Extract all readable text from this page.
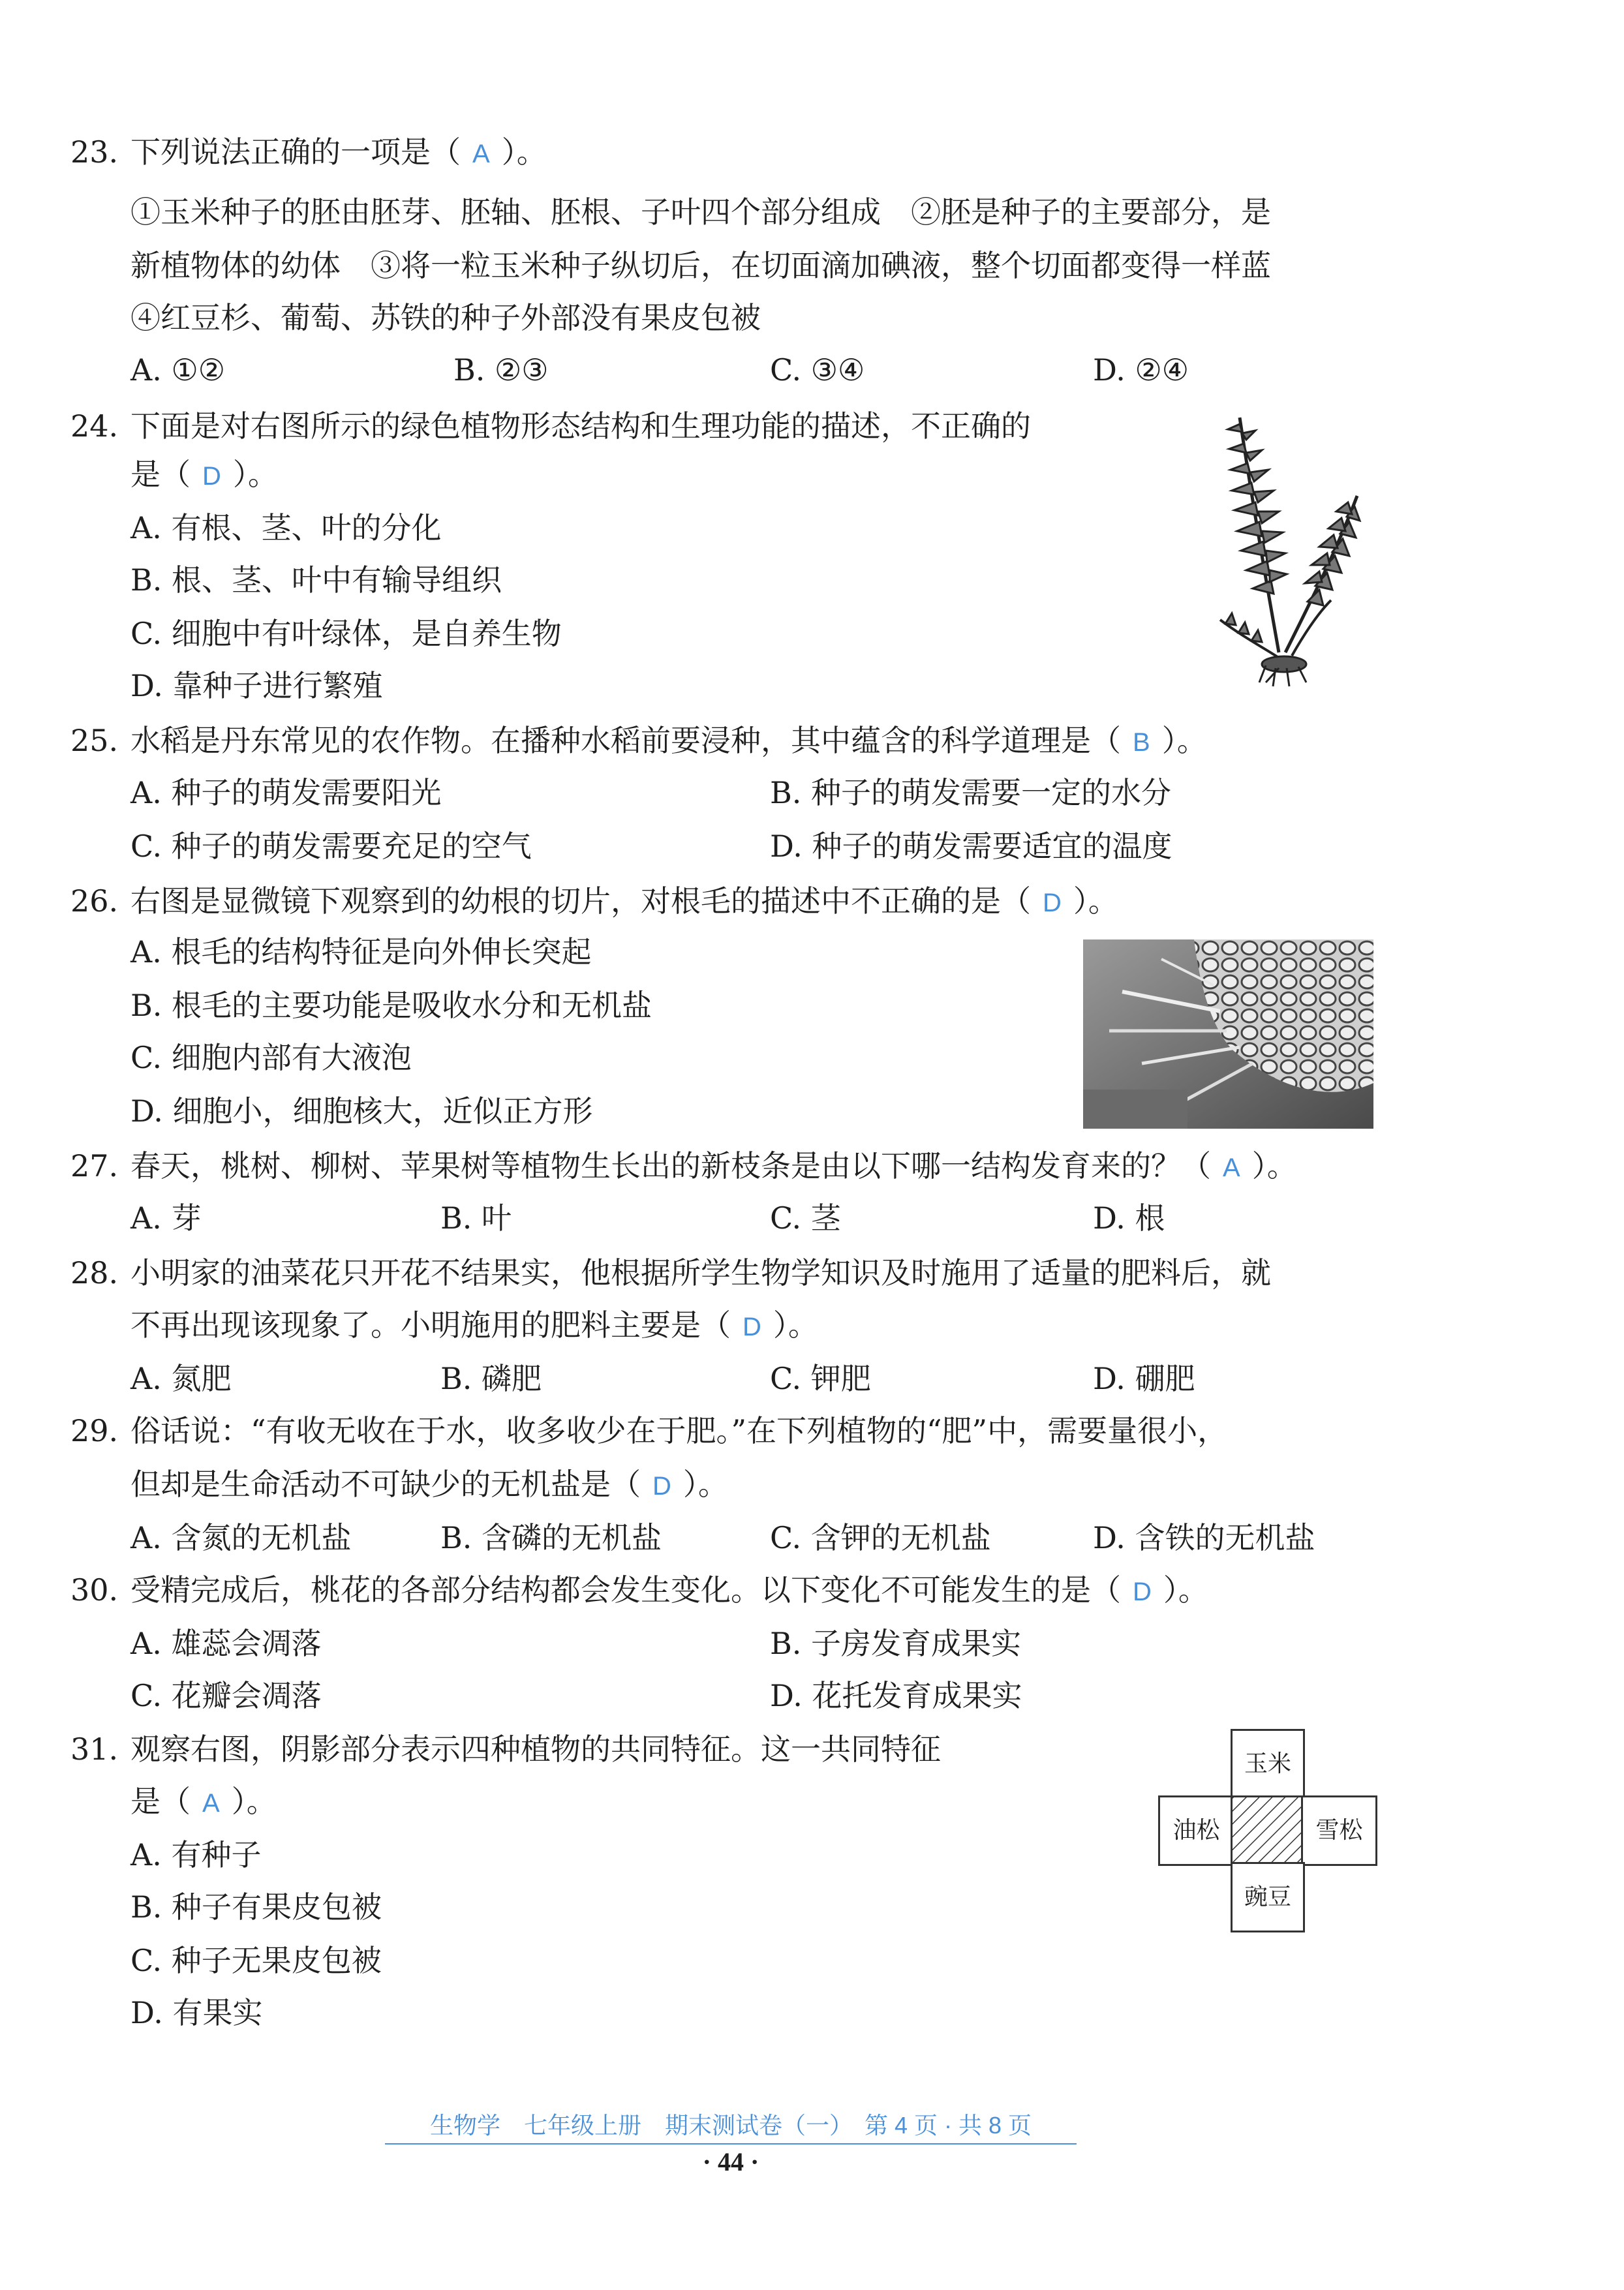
23. 下列说法正确的一项是（ A ）。
①玉米种子的胚由胚芽、胚轴、胚根、子叶四个部分组成　②胚是种子的主要部分，是
新植物体的幼体　③将一粒玉米种子纵切后，在切面滴加碘液，整个切面都变得一样蓝
④红豆杉、葡萄、苏铁的种子外部没有果皮包被
A. ①②	B. ②③	C. ③④	D. ②④
24. 下面是对右图所示的绿色植物形态结构和生理功能的描述，不正确的
是（ D ）。
A. 有根、茎、叶的分化
B. 根、茎、叶中有输导组织
C. 细胞中有叶绿体，是自养生物
D. 靠种子进行繁殖
25. 水稻是丹东常见的农作物。在播种水稻前要浸种，其中蕴含的科学道理是（ B ）。
A. 种子的萌发需要阳光	B. 种子的萌发需要一定的水分
C. 种子的萌发需要充足的空气	D. 种子的萌发需要适宜的温度
26. 右图是显微镜下观察到的幼根的切片，对根毛的描述中不正确的是（ D ）。
A. 根毛的结构特征是向外伸长突起
B. 根毛的主要功能是吸收水分和无机盐
C. 细胞内部有大液泡
D. 细胞小，细胞核大，近似正方形
27. 春天，桃树、柳树、苹果树等植物生长出的新枝条是由以下哪一结构发育来的？（ A ）。
A. 芽	B. 叶	C. 茎	D. 根
28. 小明家的油菜花只开花不结果实，他根据所学生物学知识及时施用了适量的肥料后，就
不再出现该现象了。小明施用的肥料主要是（ D ）。
A. 氮肥	B. 磷肥	C. 钾肥	D. 硼肥
29. 俗话说：“有收无收在于水，收多收少在于肥。”在下列植物的“肥”中，需要量很小，
但却是生命活动不可缺少的无机盐是（ D ）。
A. 含氮的无机盐	B. 含磷的无机盐	C. 含钾的无机盐	D. 含铁的无机盐
30. 受精完成后，桃花的各部分结构都会发生变化。以下变化不可能发生的是（ D ）。
A. 雄蕊会凋落	B. 子房发育成果实
C. 花瓣会凋落	D. 花托发育成果实
31. 观察右图，阴影部分表示四种植物的共同特征。这一共同特征
是（ A ）。
A. 有种子
B. 种子有果皮包被
C. 种子无果皮包被
D. 有果实
玉米
油松	雪松
豌豆
生物学　七年级上册　期末测试卷（一）　第 4 页 · 共 8 页
· 44 ·
